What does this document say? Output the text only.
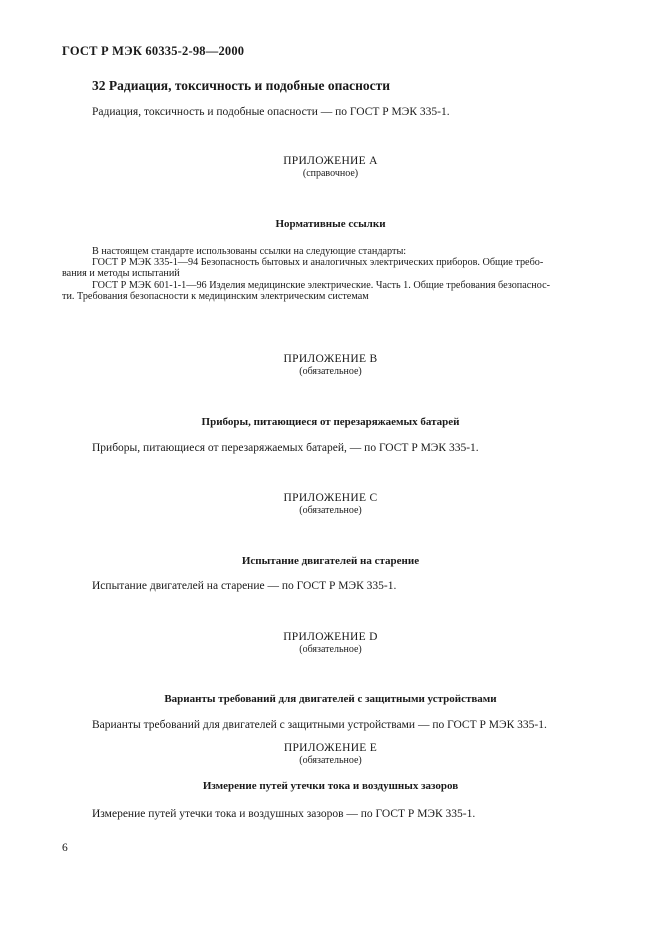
ГОСТ Р МЭК 60335-2-98—2000
32 Радиация, токсичность и подобные опасности
Радиация, токсичность и подобные опасности — по ГОСТ Р МЭК 335-1.
ПРИЛОЖЕНИЕ А
(справочное)
Нормативные ссылки
В настоящем стандарте использованы ссылки на следующие стандарты:
ГОСТ Р МЭК 335-1—94 Безопасность бытовых и аналогичных электрических приборов. Общие требо-
вания и методы испытаний
ГОСТ Р МЭК 601-1-1—96 Изделия медицинские электрические. Часть 1. Общие требования безопаснос-
ти. Требования безопасности к медицинским электрическим системам
ПРИЛОЖЕНИЕ В
(обязательное)
Приборы, питающиеся от перезаряжаемых батарей
Приборы, питающиеся от перезаряжаемых батарей, — по ГОСТ Р МЭК 335-1.
ПРИЛОЖЕНИЕ С
(обязательное)
Испытание двигателей на старение
Испытание двигателей на старение — по ГОСТ Р МЭК 335-1.
ПРИЛОЖЕНИЕ D
(обязательное)
Варианты требований для двигателей с защитными устройствами
Варианты требований для двигателей с защитными устройствами — по ГОСТ Р МЭК 335-1.
ПРИЛОЖЕНИЕ Е
(обязательное)
Измерение путей утечки тока и воздушных зазоров
Измерение путей утечки тока и воздушных зазоров — по ГОСТ Р МЭК 335-1.
6
